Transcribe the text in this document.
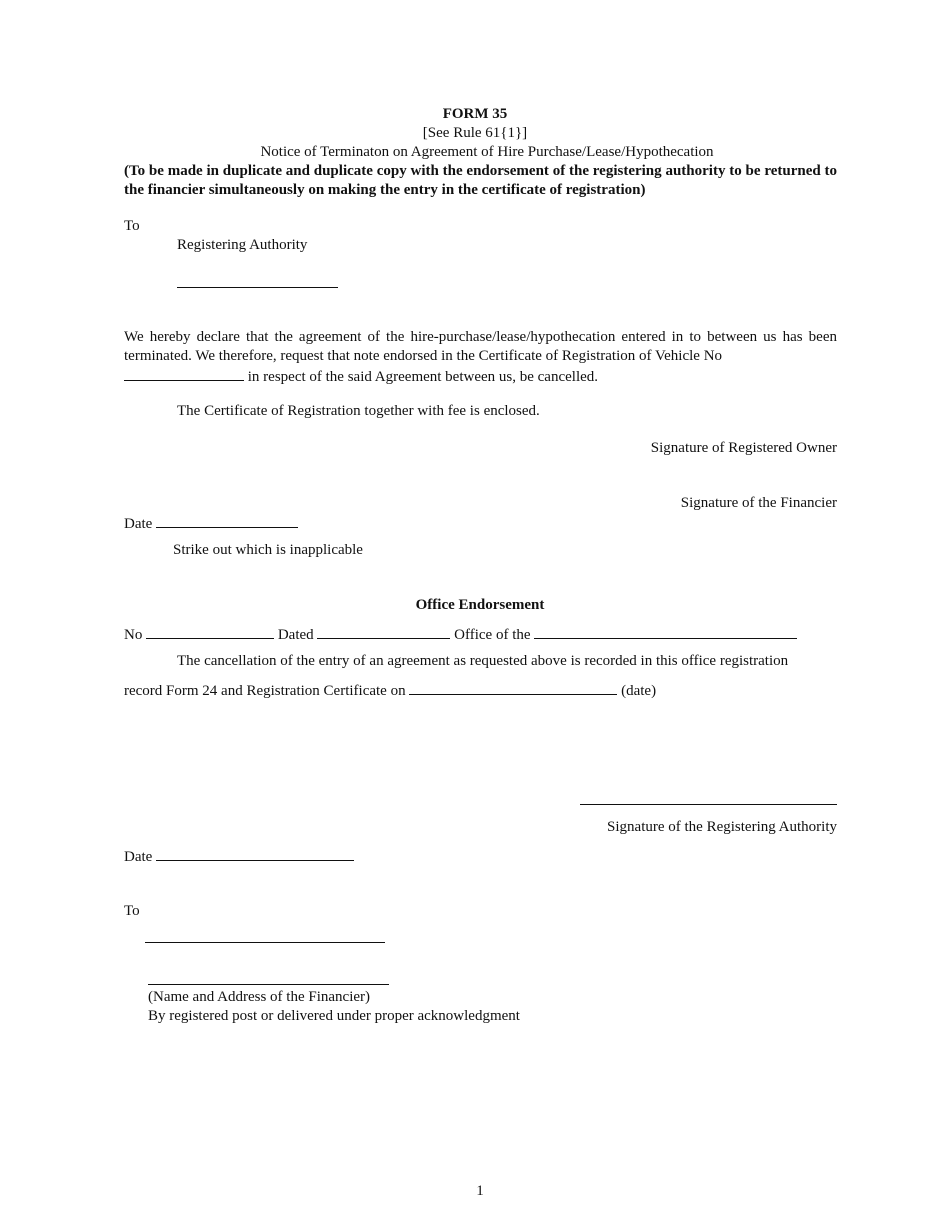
FORM 35
[See Rule 61{1}]
Notice of Terminaton on Agreement of Hire Purchase/Lease/Hypothecation
(To be made in duplicate and duplicate copy with the endorsement of the registering authority to be returned to the financier simultaneously on making the entry in the certificate of registration)
To
Registering Authority
We hereby declare that the agreement of the hire-purchase/lease/hypothecation entered in to between us has been terminated. We therefore, request that note endorsed in the Certificate of Registration of Vehicle No
in respect of the said Agreement between us, be cancelled.
The Certificate of Registration together with fee is enclosed.
Signature of Registered Owner
Signature of the Financier
Date
Strike out which is inapplicable
Office Endorsement
No	Dated	Office of the
The cancellation of the entry of an agreement as requested above is recorded in this office registration
record Form 24 and Registration Certificate on	(date)
Signature of the Registering Authority
Date
To
(Name and Address of the Financier)
By registered post or delivered under proper acknowledgment
1
